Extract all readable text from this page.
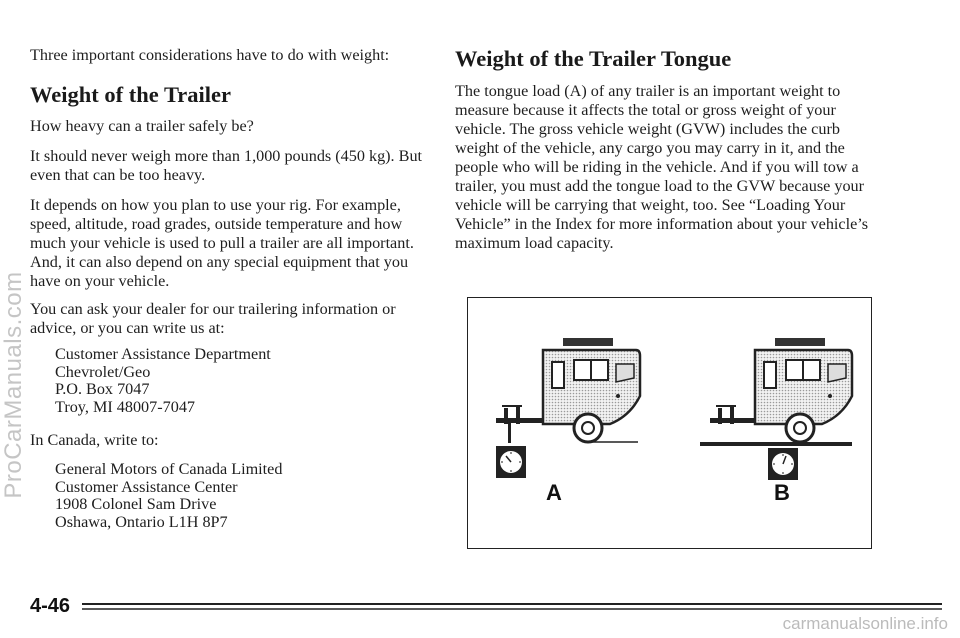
Three important considerations have to do with weight:

Weight of the Trailer

How heavy can a trailer safely be?

It should never weigh more than 1,000 pounds (450 kg). But even that can be too heavy.

It depends on how you plan to use your rig. For example, speed, altitude, road grades, outside temperature and how much your vehicle is used to pull a trailer are all important. And, it can also depend on any special equipment that you have on your vehicle.

You can ask your dealer for our trailering information or advice, or you can write us at:

Customer Assistance Department

Chevrolet/Geo

P.O. Box 7047

Troy, MI 48007-7047

In Canada, write to:

General Motors of Canada Limited

Customer Assistance Center

1908 Colonel Sam Drive

Oshawa, Ontario L1H 8P7

Weight of the Trailer Tongue

The tongue load (A) of any trailer is an important weight to measure because it affects the total or gross weight of your vehicle. The gross vehicle weight (GVW) includes the curb weight of the vehicle, any cargo you may carry in it, and the people who will be riding in the vehicle. And if you will tow a trailer, you must add the tongue load to the GVW because your vehicle will be carrying that weight, too. See “Loading Your Vehicle” in the Index for more information about your vehicle’s maximum load capacity.

A	B
4-46
ProCarManuals.com
carmanualsonline.info
